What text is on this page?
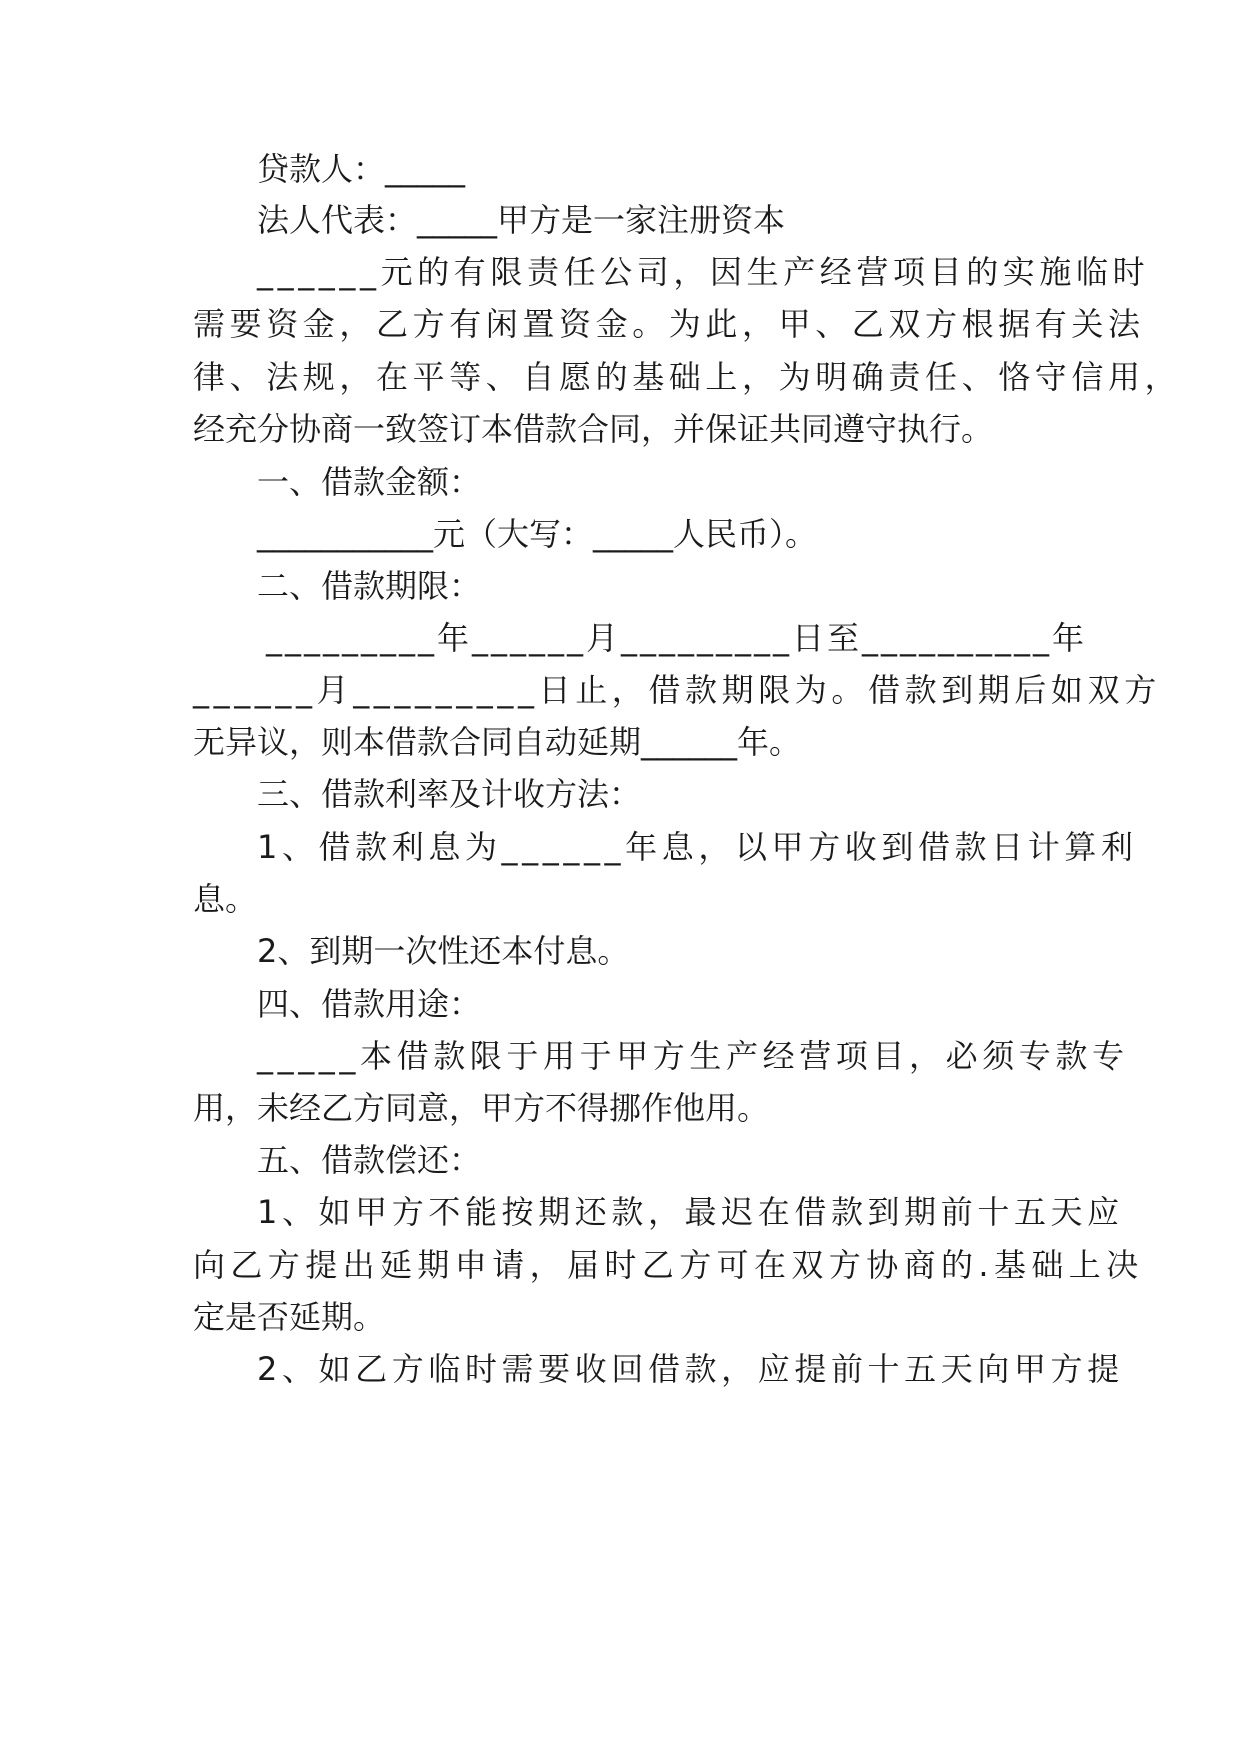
贷款人：_____
法人代表：_____甲方是一家注册资本
______元的有限责任公司，因生产经营项目的实施临时
需要资金，乙方有闲置资金。为此，甲、乙双方根据有关法
律、法规，在平等、自愿的基础上，为明确责任、恪守信用，
经充分协商一致签订本借款合同，并保证共同遵守执行。
一、借款金额：
___________元（大写：_____人民币）。
二、借款期限：
_________年______月_________日至__________年
______月_________日止，借款期限为。借款到期后如双方
无异议，则本借款合同自动延期______年。
三、借款利率及计收方法：
1、借款利息为______年息，以甲方收到借款日计算利
息。
2、到期一次性还本付息。
四、借款用途：
_____本借款限于用于甲方生产经营项目，必须专款专
用，未经乙方同意，甲方不得挪作他用。
五、借款偿还：
1、如甲方不能按期还款，最迟在借款到期前十五天应
向乙方提出延期申请，届时乙方可在双方协商的.基础上决
定是否延期。
2、如乙方临时需要收回借款，应提前十五天向甲方提
